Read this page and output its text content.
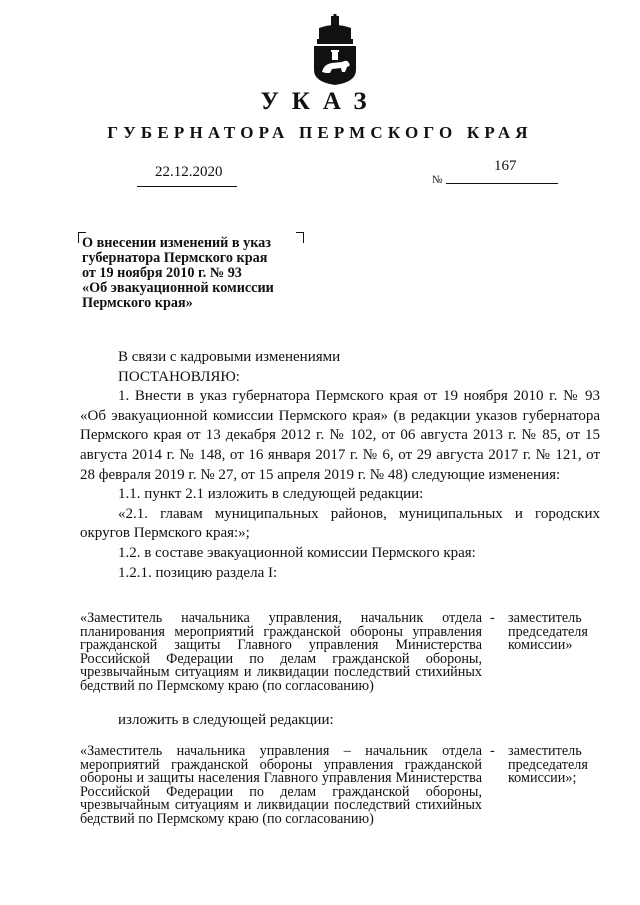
УКАЗ
ГУБЕРНАТОРА ПЕРМСКОГО КРАЯ
22.12.2020	167
№
О внесении изменений в указ
губернатора Пермского края
от 19 ноября 2010 г. № 93
«Об эвакуационной комиссии
Пермского края»

В связи с кадровыми изменениями

ПОСТАНОВЛЯЮ:

1. Внести в указ губернатора Пермского края от 19 ноября 2010 г. № 93 «Об эвакуационной комиссии Пермского края» (в редакции указов губернатора Пермского края от 13 декабря 2012 г. № 102, от 06 августа 2013 г. № 85, от 15 августа 2014 г. № 148, от 16 января 2017 г. № 6, от 29 августа 2017 г. № 121, от 28 февраля 2019 г. № 27, от 15 апреля 2019 г. № 48) следующие изменения:

1.1. пункт 2.1 изложить в следующей редакции:

«2.1. главам муниципальных районов, муниципальных и городских округов Пермского края:»;

1.2. в составе эвакуационной комиссии Пермского края:

1.2.1. позицию раздела I:

«Заместитель начальника управления, начальник отдела планирования мероприятий гражданской обороны управления гражданской защиты Главного управления Министерства Российской Федерации по делам гражданской обороны, чрезвычайным ситуациям и ликвидации последствий стихийных бедствий по Пермскому краю (по согласованию)
- заместитель председателя комиссии»
изложить в следующей редакции:
«Заместитель начальника управления – начальник отдела мероприятий гражданской обороны управления гражданской обороны и защиты населения Главного управления Министерства Российской Федерации по делам гражданской обороны, чрезвычайным ситуациям и ликвидации последствий стихийных бедствий по Пермскому краю (по согласованию)
- заместитель председателя комиссии»;
